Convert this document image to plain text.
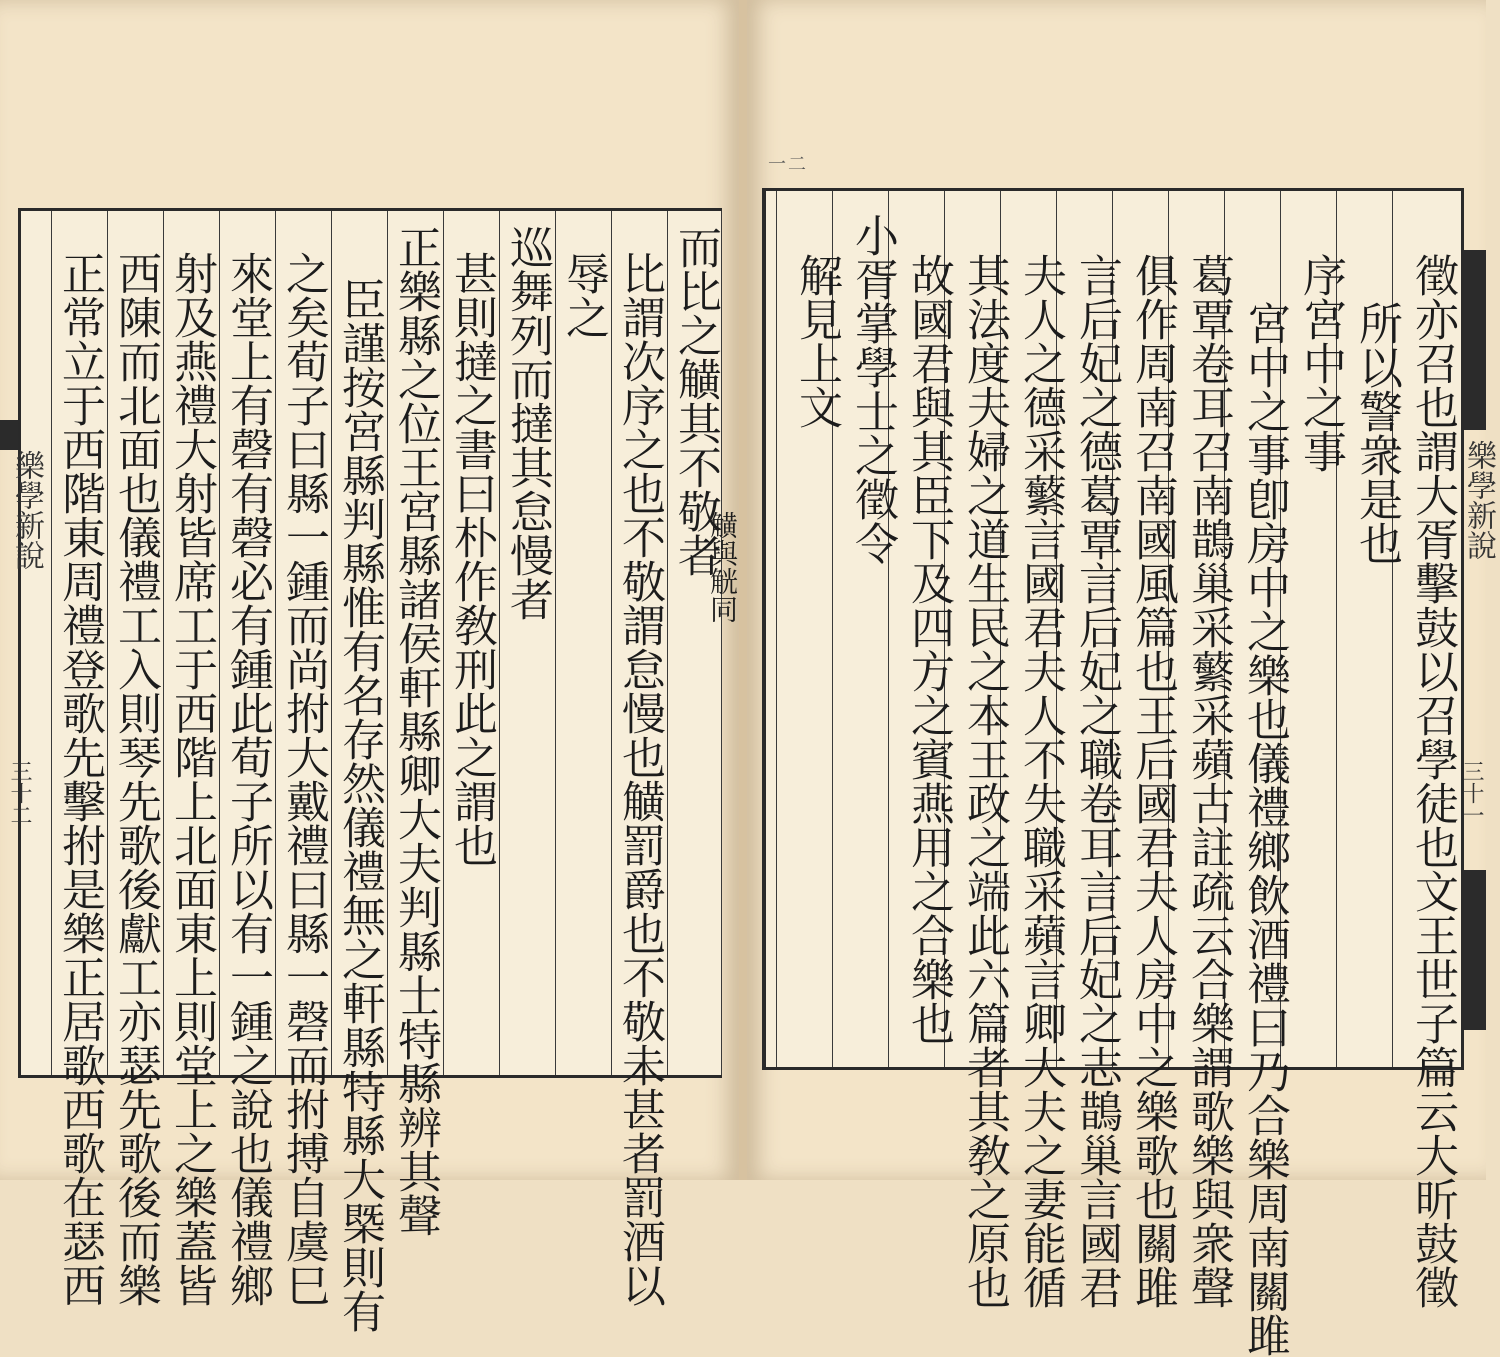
一二
徵亦召也謂大胥擊鼓以召學徒也文王世子篇云大昕鼓徵
所以警衆是也
序宮中之事
宮中之事卽房中之樂也儀禮鄉飲酒禮曰乃合樂周南關雎
葛覃卷耳召南鵲巢采蘩采蘋古註疏云合樂謂歌樂與衆聲
俱作周南召南國風篇也王后國君夫人房中之樂歌也關雎
言后妃之德葛覃言后妃之職卷耳言后妃之志鵲巢言國君
夫人之德采蘩言國君夫人不失職采蘋言卿大夫之妻能循
其法度夫婦之道生民之本王政之端此六篇者其敎之原也
故國君與其臣下及四方之賓燕用之合樂也
小胥掌學士之徵令
解見上文
樂學新說
三十一
而比之觵其不敬者
觵與觥同
比謂次序之也不敬謂怠慢也觵罰爵也不敬未甚者罰酒以
辱之
巡舞列而撻其怠慢者
甚則撻之書曰朴作敎刑此之謂也
正樂縣之位王宮縣諸侯軒縣卿大夫判縣士特縣辨其聲
臣謹按宮縣判縣惟有名存然儀禮無之軒縣特縣大槩則有
之矣荀子曰縣一鍾而尚拊大戴禮曰縣一磬而拊搏自虞巳
來堂上有磬有磬必有鍾此荀子所以有一鍾之說也儀禮鄉
射及燕禮大射皆席工于西階上北面東上則堂上之樂蓋皆
西陳而北面也儀禮工入則琴先歌後獻工亦瑟先歌後而樂
正常立于西階東周禮登歌先擊拊是樂正居歌西歌在瑟西
樂學新說
三十二
